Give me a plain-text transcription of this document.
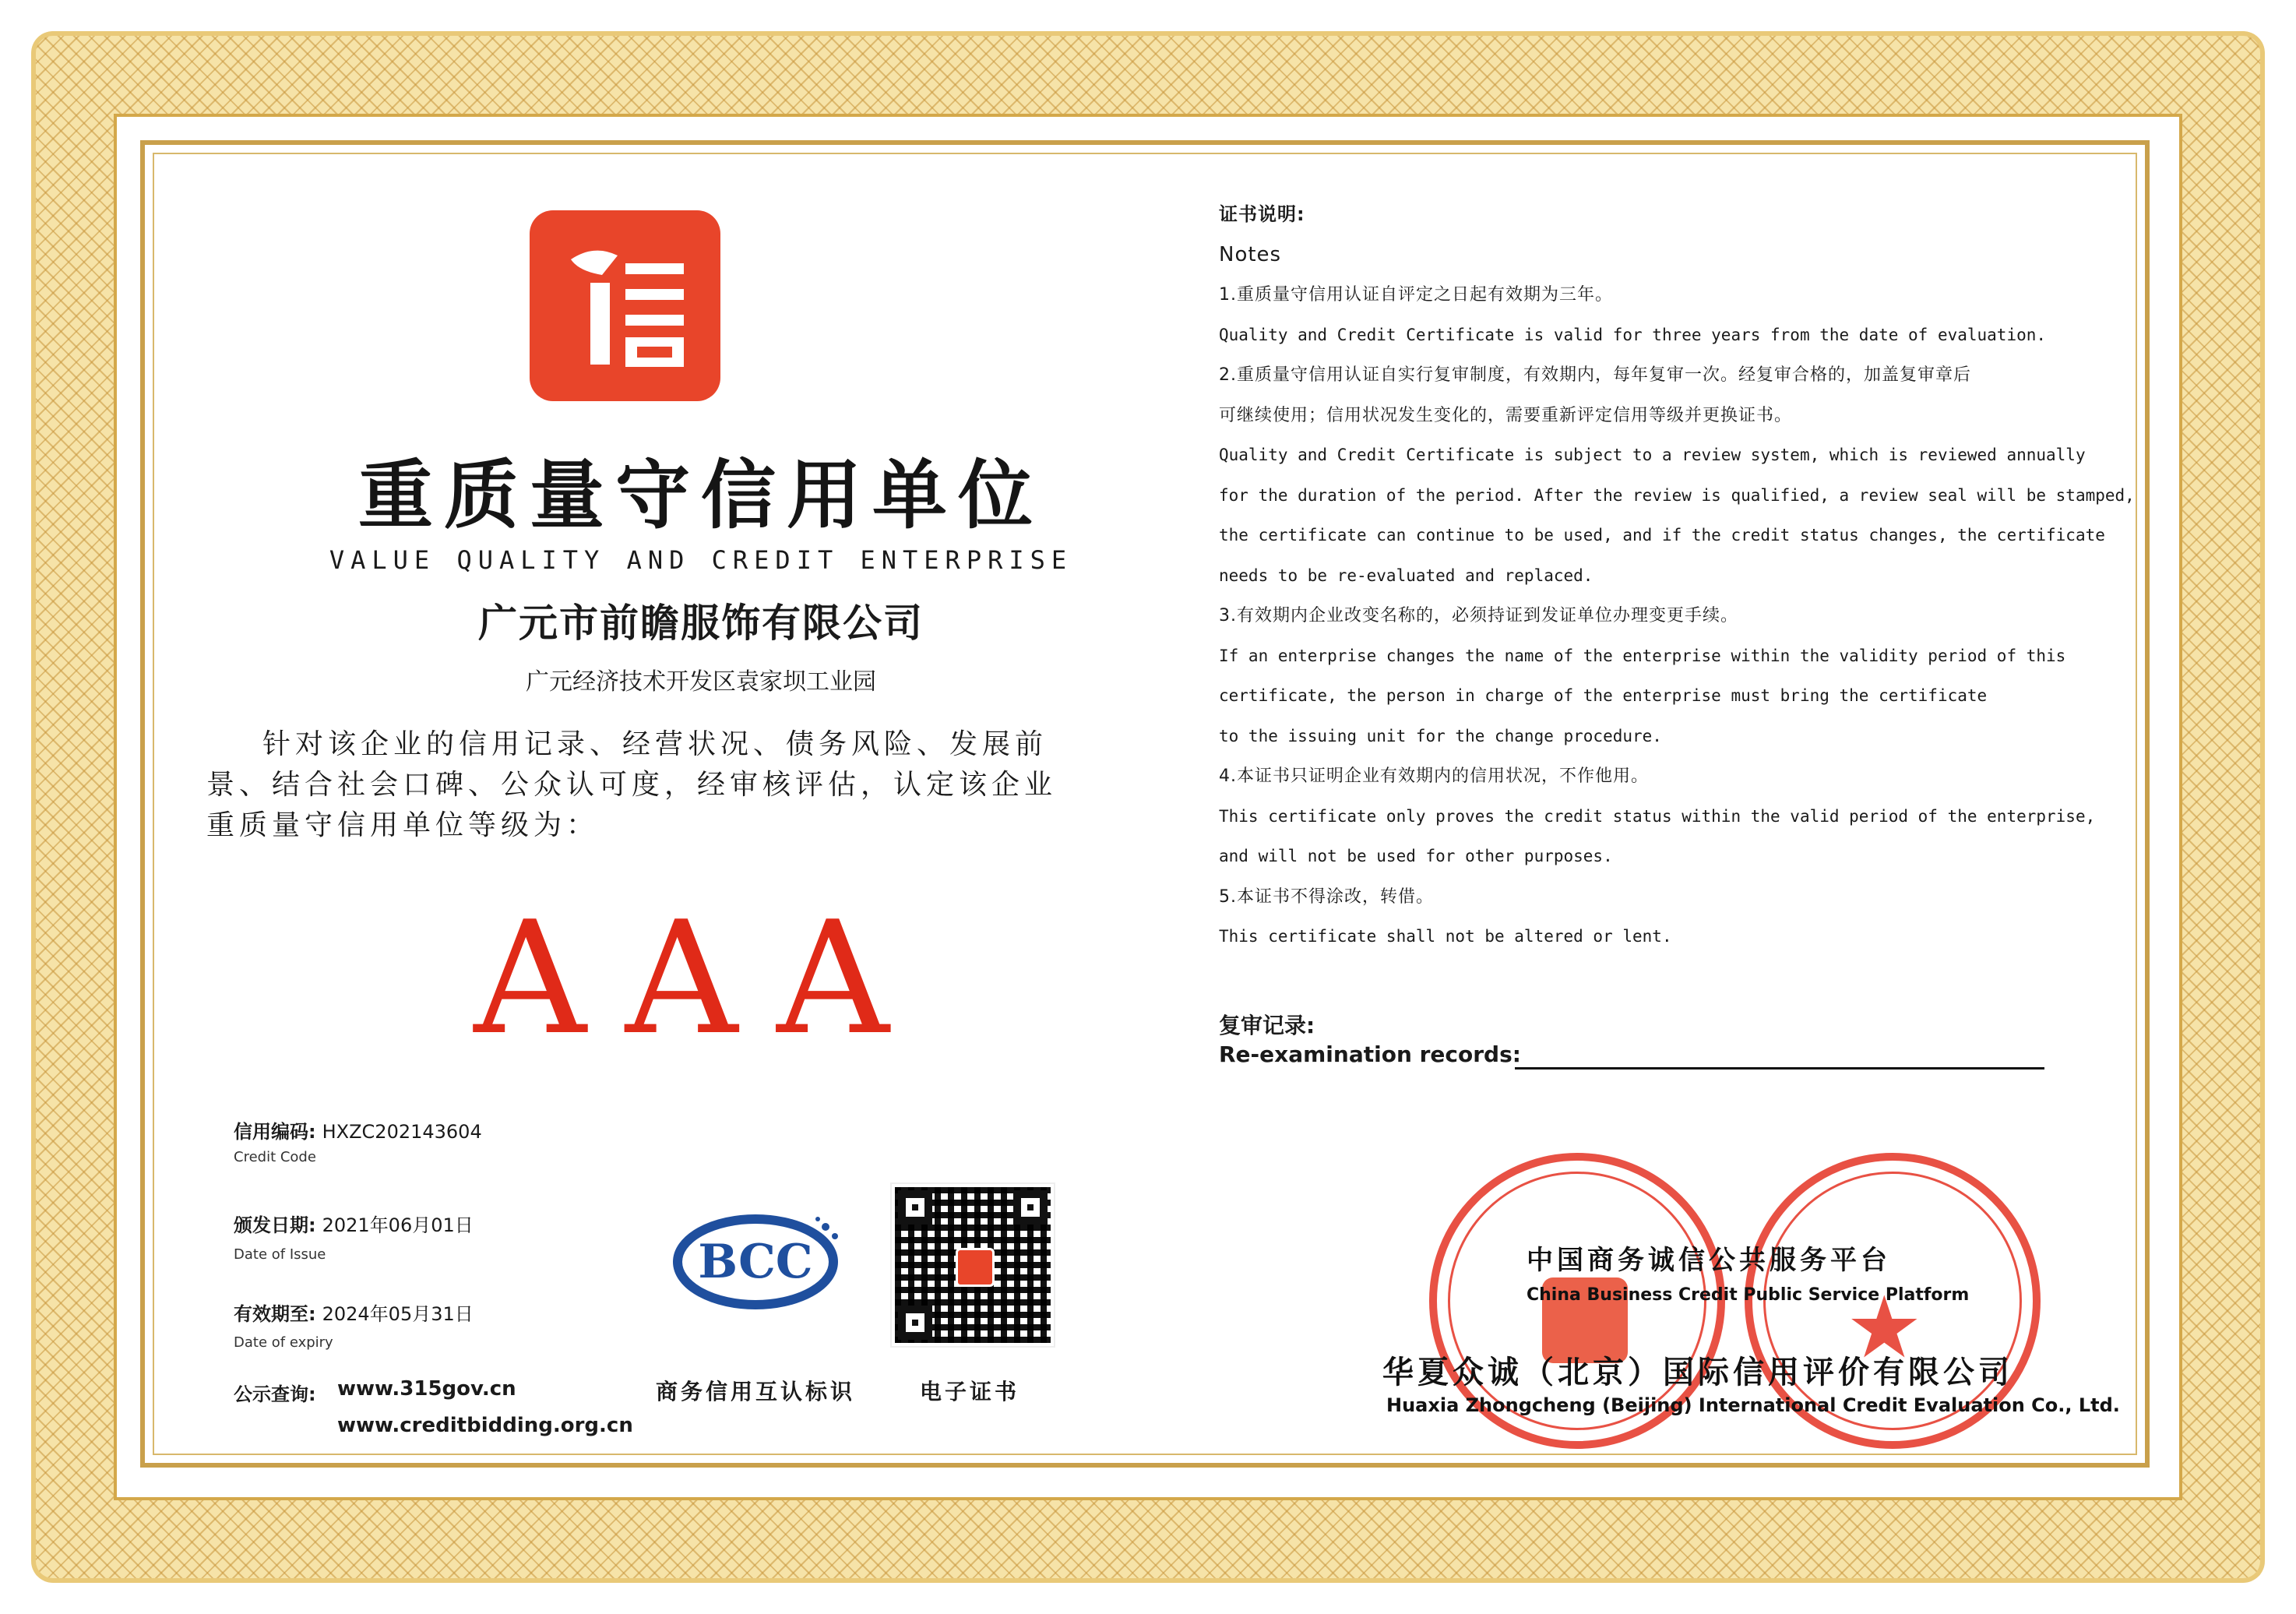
重质量守信用单位
VALUE QUALITY AND CREDIT ENTERPRISE
广元市前瞻服饰有限公司
广元经济技术开发区袁家坝工业园
针对该企业的信用记录、经营状况、债务风险、发展前景、结合社会口碑、公众认可度，经审核评估，认定该企业重质量守信用单位等级为：
AAA
信用编码: HXZC202143604
Credit Code
颁发日期: 2021年06月01日
Date of Issue
有效期至: 2024年05月31日
Date of expiry
公示查询: www.315gov.cn
www.creditbidding.org.cn
BCC
商务信用互认标识	电子证书
证书说明:
Notes
1.重质量守信用认证自评定之日起有效期为三年。
Quality and Credit Certificate is valid for three years from the date of evaluation.
2.重质量守信用认证自实行复审制度，有效期内，每年复审一次。经复审合格的，加盖复审章后
可继续使用；信用状况发生变化的，需要重新评定信用等级并更换证书。
Quality and Credit Certificate is subject to a review system, which is reviewed annually
for the duration of the period. After the review is qualified, a review seal will be stamped,
the certificate can continue to be used, and if the credit status changes, the certificate
needs to be re-evaluated and replaced.
3.有效期内企业改变名称的，必须持证到发证单位办理变更手续。
If an enterprise changes the name of the enterprise within the validity period of this
certificate, the person in charge of the enterprise must bring the certificate
to the issuing unit for the change procedure.
4.本证书只证明企业有效期内的信用状况，不作他用。
This certificate only proves the credit status within the valid period of the enterprise,
and will not be used for other purposes.
5.本证书不得涂改，转借。
This certificate shall not be altered or lent.
复审记录:
Re-examination records:
★
中国商务诚信公共服务平台
China Business Credit Public Service Platform
华夏众诚（北京）国际信用评价有限公司
Huaxia Zhongcheng (Beijing) International Credit Evaluation Co., Ltd.
